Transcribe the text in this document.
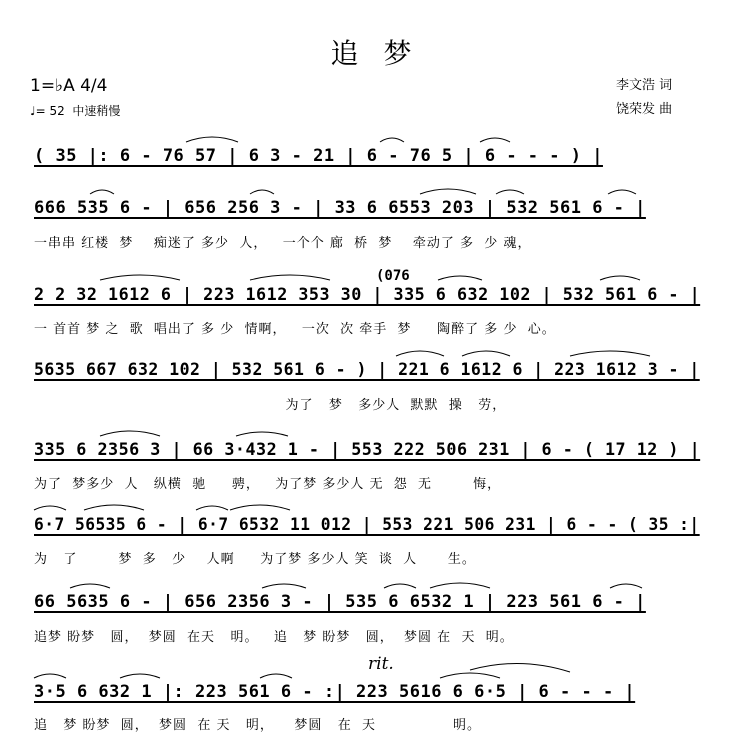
追 梦
1=♭A 4/4
♩= 52  中速稍慢
李文浩 词
饶荣发 曲
( 35 |: 6 - 76 57 | 6 3 - 21 | 6 - 76 5 | 6 - - - ) |
666 535 6 - | 656 256 3 - | 33 6 6553 203 | 532 561 6 - |
一串串 红楼  梦    痴迷了 多少  人，   一个个 廊  桥  梦    牵动了 多  少 魂，
(076
2 2 32 1612 6 | 223 1612 353 30 | 335 6 632 102 | 532 561 6 - |
一 首首 梦 之  歌  唱出了 多 少  情啊，   一次  次 牵手  梦     陶醉了 多 少  心。
5635 667 632 102 | 532 561 6 - ) | 221 6 1612 6 | 223 1612 3 - |
为了   梦   多少人  默默  操   劳，
335 6 2356 3 | 66 3·432 1 - | 553 222 506 231 | 6 - ( 17 12 ) |
为了  梦多少  人   纵横  驰     骋，   为了梦 多少人 无  怨  无        悔，
6·7 56535 6 - | 6·7 6532 11 012 | 553 221 506 231 | 6 - - ( 35 :|
为   了        梦  多   少    人啊     为了梦 多少人 笑  谈  人      生。
66 5635 6 - | 656 2356 3 - | 535 6 6532 1 | 223 561 6 - |
追梦 盼梦   圆，  梦圆  在天   明。   追   梦 盼梦   圆，  梦圆 在  天  明。
rit.
3·5 6 632 1 |: 223 561 6 - :| 223 5616 6 6·5 | 6 - - - |
追   梦 盼梦  圆，  梦圆  在 天   明，    梦圆   在  天               明。
